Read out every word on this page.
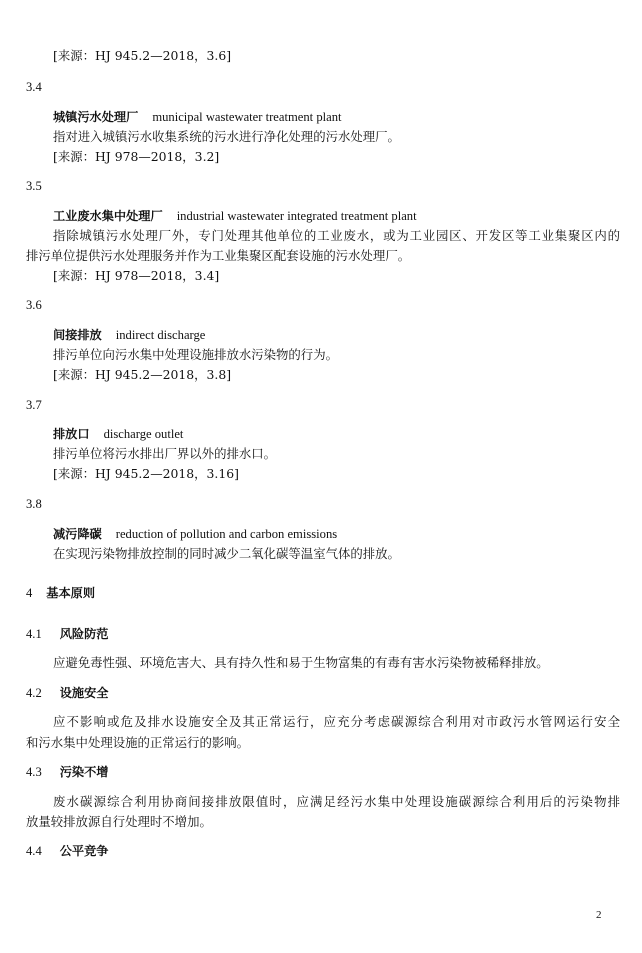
[来源：HJ 945.2—2018，3.6]
3.4
城镇污水处理厂 municipal wastewater treatment plant
指对进入城镇污水收集系统的污水进行净化处理的污水处理厂。
[来源：HJ 978—2018，3.2]
3.5
工业废水集中处理厂 industrial wastewater integrated treatment plant
指除城镇污水处理厂外，专门处理其他单位的工业废水，或为工业园区、开发区等工业集聚区内的
排污单位提供污水处理服务并作为工业集聚区配套设施的污水处理厂。
[来源：HJ 978—2018，3.4]
3.6
间接排放 indirect discharge
排污单位向污水集中处理设施排放水污染物的行为。
[来源：HJ 945.2—2018，3.8]
3.7
排放口 discharge outlet
排污单位将污水排出厂界以外的排水口。
[来源：HJ 945.2—2018，3.16]
3.8
减污降碳 reduction of pollution and carbon emissions
在实现污染物排放控制的同时减少二氧化碳等温室气体的排放。
4 基本原则
4.1 风险防范
应避免毒性强、环境危害大、具有持久性和易于生物富集的有毒有害水污染物被稀释排放。
4.2 设施安全
应不影响或危及排水设施安全及其正常运行，应充分考虑碳源综合利用对市政污水管网运行安全
和污水集中处理设施的正常运行的影响。
4.3 污染不增
废水碳源综合利用协商间接排放限值时，应满足经污水集中处理设施碳源综合利用后的污染物排
放量较排放源自行处理时不增加。
4.4 公平竞争
2
